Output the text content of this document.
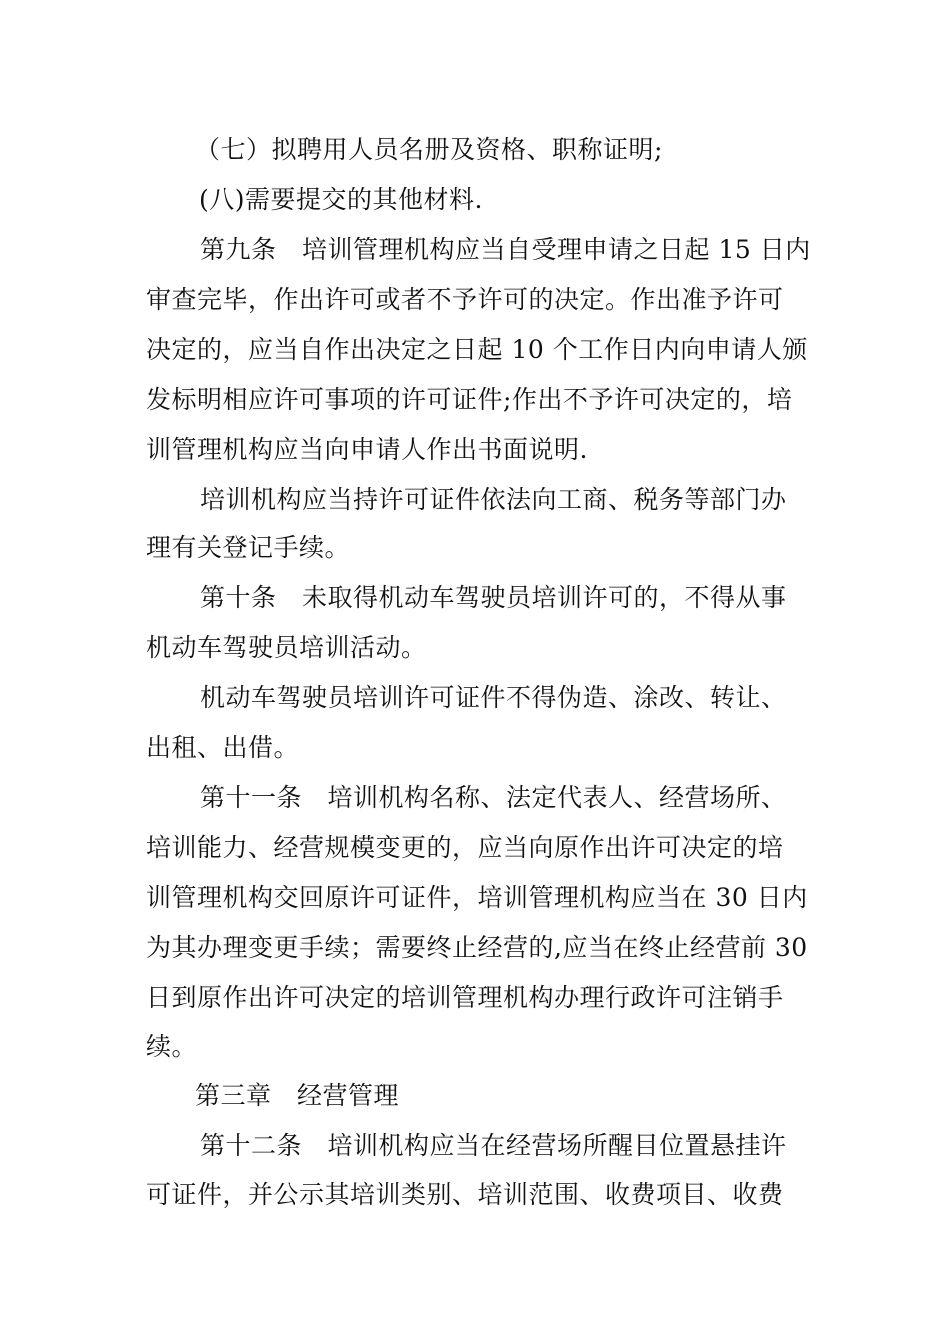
（七）拟聘用人员名册及资格、职称证明;
(八)需要提交的其他材料.
第九条　培训管理机构应当自受理申请之日起 15 日内
审查完毕，作出许可或者不予许可的决定。作出准予许可
决定的，应当自作出决定之日起 10 个工作日内向申请人颁
发标明相应许可事项的许可证件;作出不予许可决定的，培
训管理机构应当向申请人作出书面说明.
培训机构应当持许可证件依法向工商、税务等部门办
理有关登记手续。
第十条　未取得机动车驾驶员培训许可的，不得从事
机动车驾驶员培训活动。
机动车驾驶员培训许可证件不得伪造、涂改、转让、
出租、出借。
第十一条　培训机构名称、法定代表人、经营场所、
培训能力、经营规模变更的，应当向原作出许可决定的培
训管理机构交回原许可证件，培训管理机构应当在 30 日内
为其办理变更手续；需要终止经营的,应当在终止经营前 30
日到原作出许可决定的培训管理机构办理行政许可注销手
续。
第三章　经营管理
第十二条　培训机构应当在经营场所醒目位置悬挂许
可证件，并公示其培训类别、培训范围、收费项目、收费
